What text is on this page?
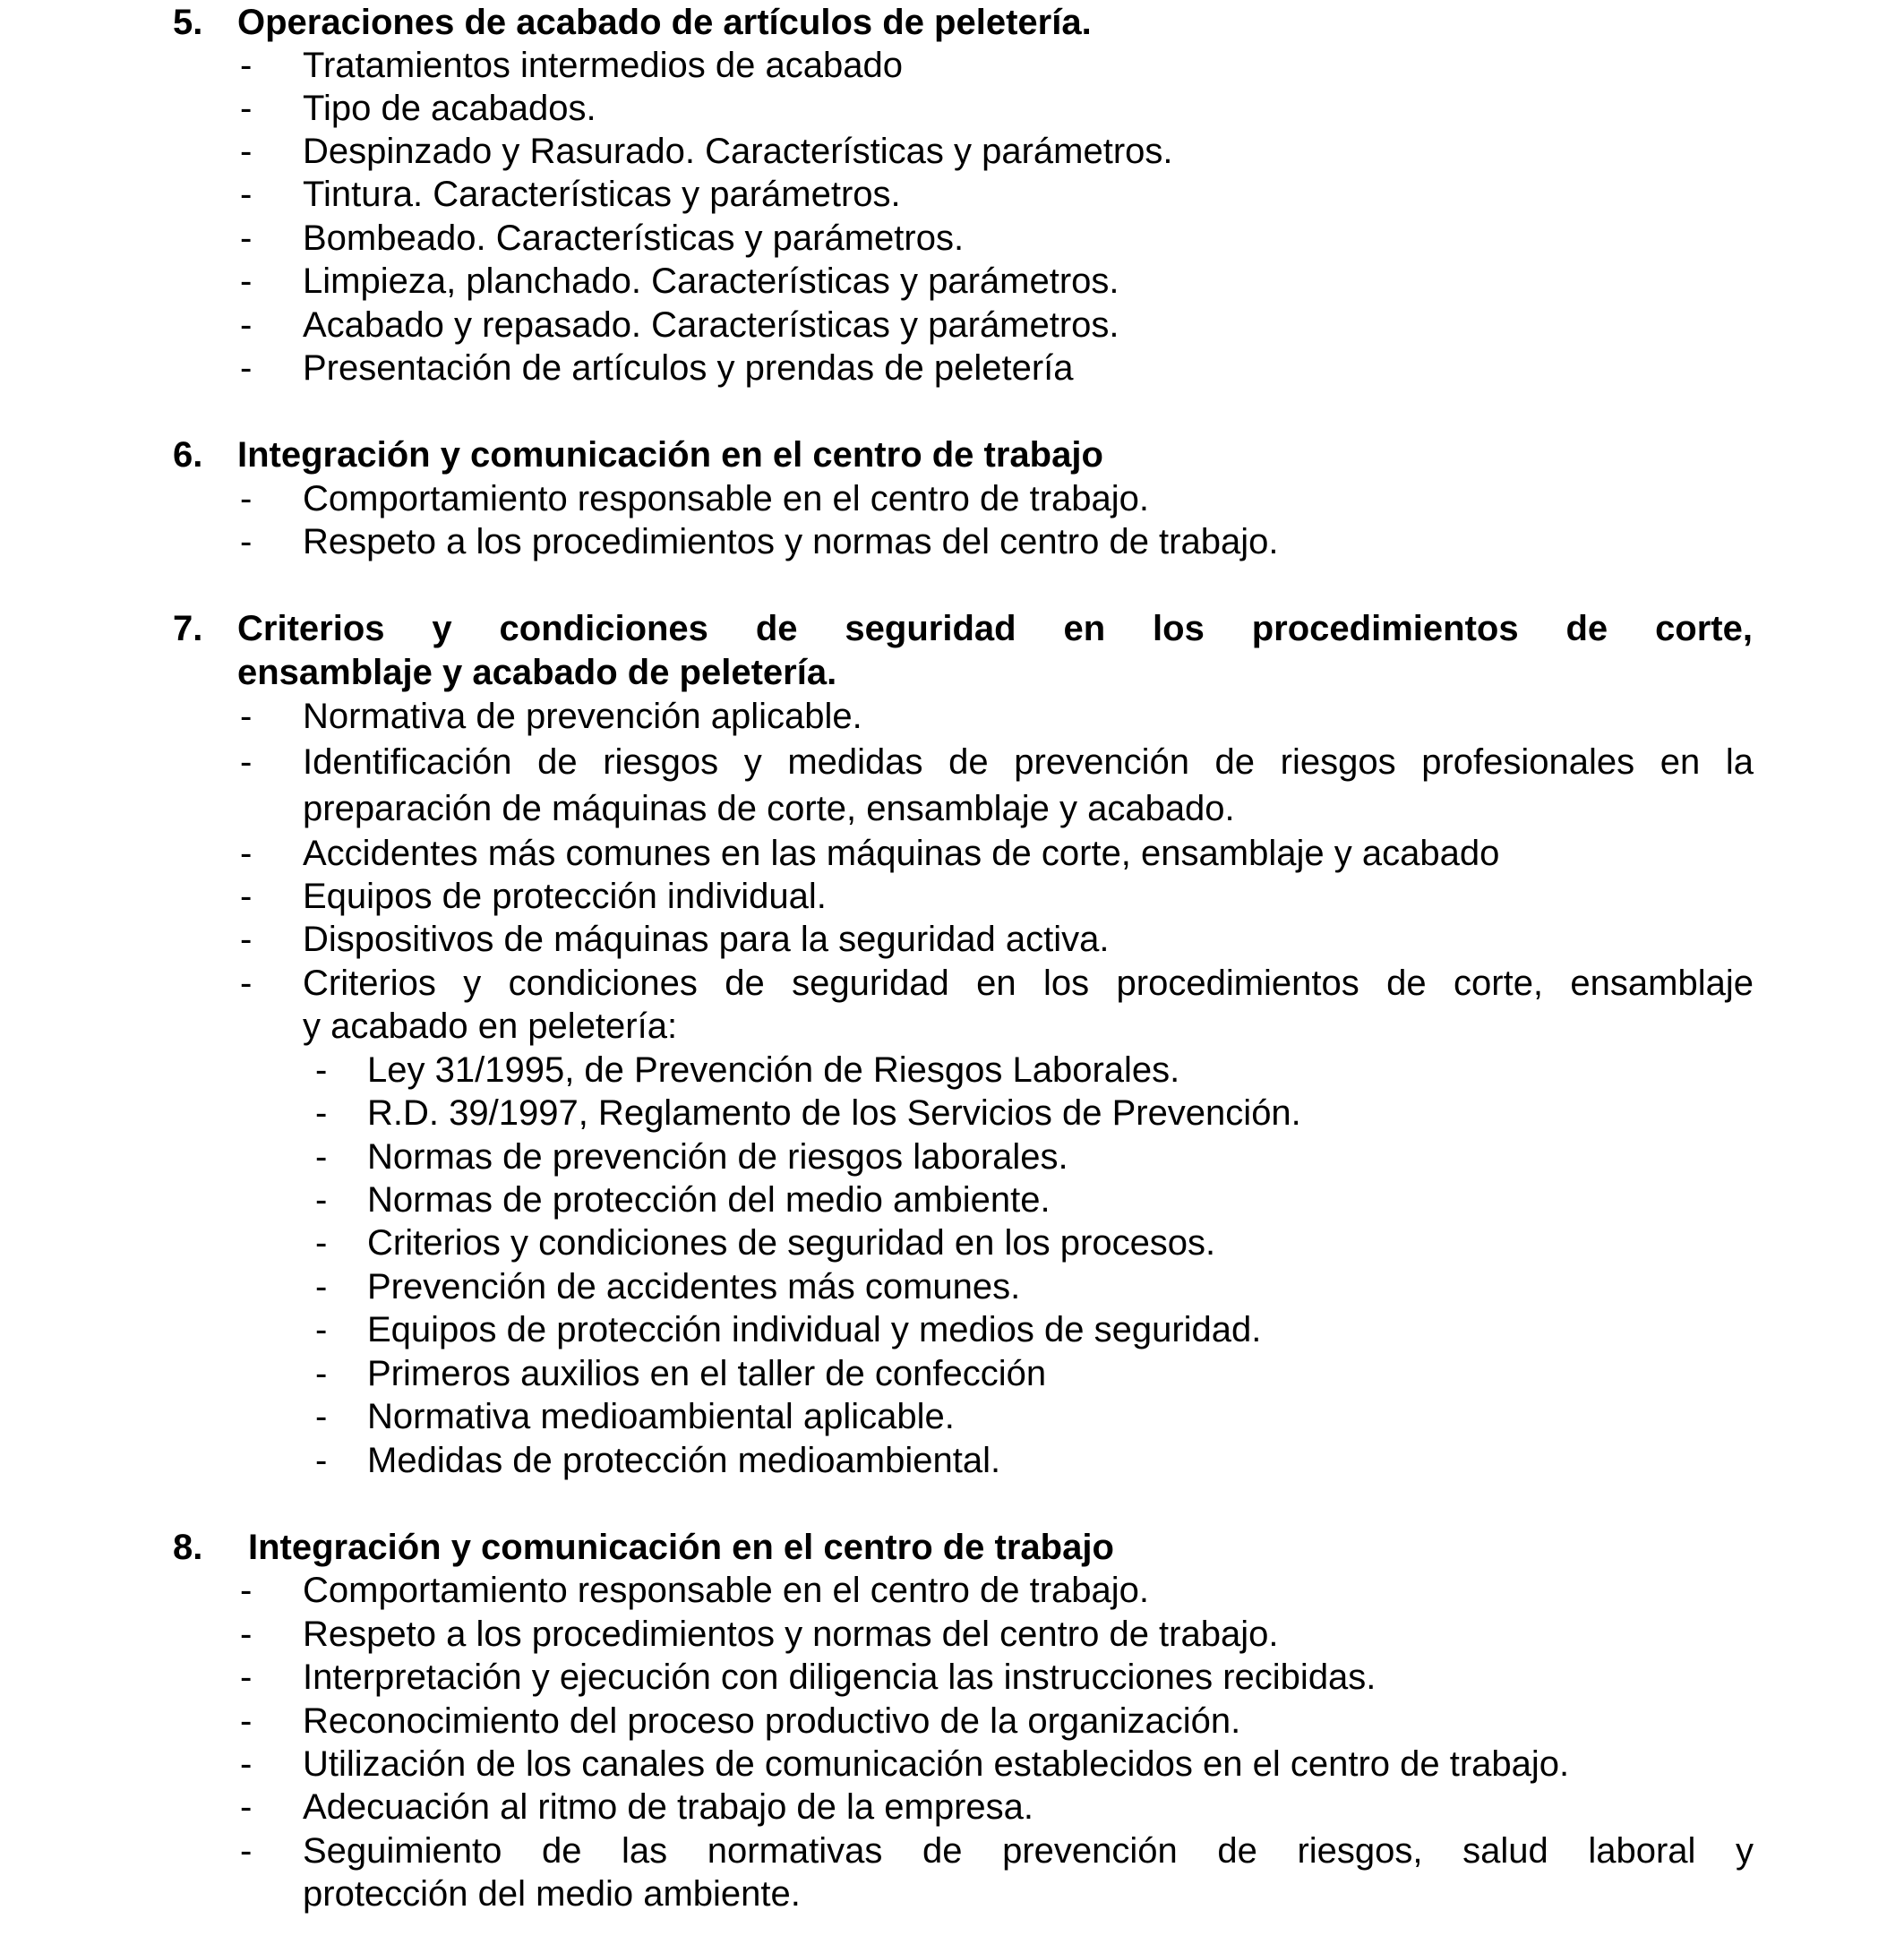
5. Operaciones de acabado de artículos de peletería.
- Tratamientos intermedios de acabado
- Tipo de acabados.
- Despinzado y Rasurado. Características y parámetros.
- Tintura. Características y parámetros.
- Bombeado. Características y parámetros.
- Limpieza, planchado. Características y parámetros.
- Acabado y repasado. Características y parámetros.
- Presentación de artículos y prendas de peletería
6. Integración y comunicación en el centro de trabajo
- Comportamiento responsable en el centro de trabajo.
- Respeto a los procedimientos y normas del centro de trabajo.
7. Criterios y condiciones de seguridad en los procedimientos de corte,
ensamblaje y acabado de peletería.
- Normativa de prevención aplicable.
- Identificación de riesgos y medidas de prevención de riesgos profesionales en la
preparación de máquinas de corte, ensamblaje y acabado.
- Accidentes más comunes en las máquinas de corte, ensamblaje y acabado
- Equipos de protección individual.
- Dispositivos de máquinas para la seguridad activa.
- Criterios y condiciones de seguridad en los procedimientos de corte, ensamblaje
y acabado en peletería:
- Ley 31/1995, de Prevención de Riesgos Laborales.
- R.D. 39/1997, Reglamento de los Servicios de Prevención.
- Normas de prevención de riesgos laborales.
- Normas de protección del medio ambiente.
- Criterios y condiciones de seguridad en los procesos.
- Prevención de accidentes más comunes.
- Equipos de protección individual y medios de seguridad.
- Primeros auxilios en el taller de confección
- Normativa medioambiental aplicable.
- Medidas de protección medioambiental.
8. Integración y comunicación en el centro de trabajo
- Comportamiento responsable en el centro de trabajo.
- Respeto a los procedimientos y normas del centro de trabajo.
- Interpretación y ejecución con diligencia las instrucciones recibidas.
- Reconocimiento del proceso productivo de la organización.
- Utilización de los canales de comunicación establecidos en el centro de trabajo.
- Adecuación al ritmo de trabajo de la empresa.
- Seguimiento de las normativas de prevención de riesgos, salud laboral y
protección del medio ambiente.
